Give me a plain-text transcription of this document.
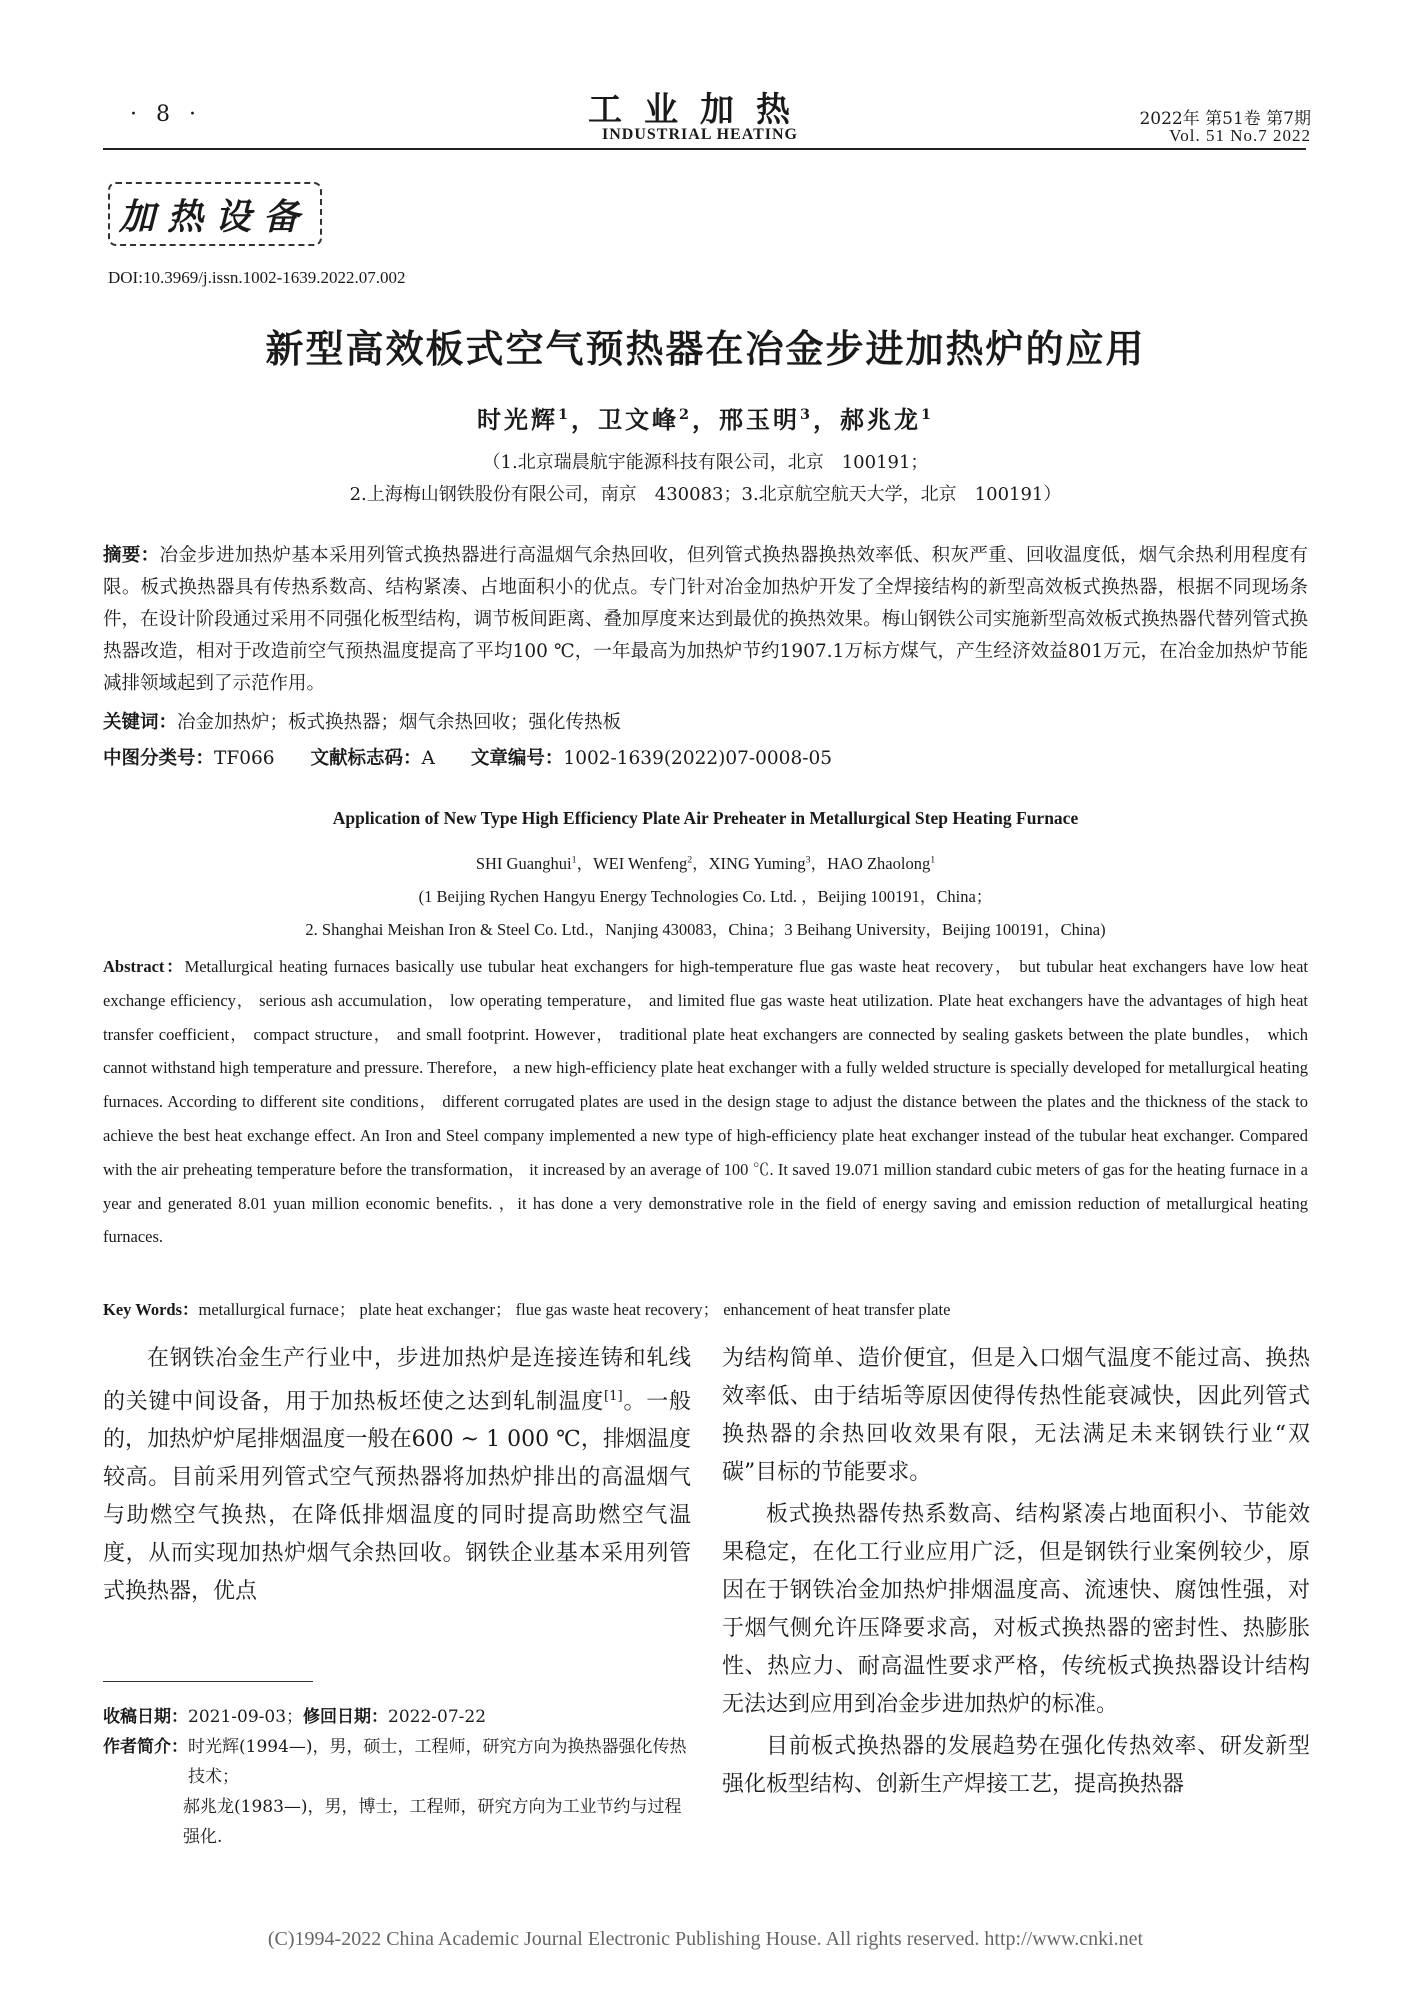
· 8 ·	工业加热
INDUSTRIAL HEATING
2022年 第51卷 第7期
Vol. 51 No.7 2022
加热设备
DOI:10.3969/j.issn.1002-1639.2022.07.002
新型高效板式空气预热器在冶金步进加热炉的应用
时光辉$^1$，卫文峰$^2$，邢玉明$^3$，郝兆龙$^1$
（1.北京瑞晨航宇能源科技有限公司，北京　100191；
2.上海梅山钢铁股份有限公司，南京　430083；3.北京航空航天大学，北京　100191）
摘要：冶金步进加热炉基本采用列管式换热器进行高温烟气余热回收，但列管式换热器换热效率低、积灰严重、回收温度低，烟气余热利用程度有限。板式换热器具有传热系数高、结构紧凑、占地面积小的优点。专门针对冶金加热炉开发了全焊接结构的新型高效板式换热器，根据不同现场条件，在设计阶段通过采用不同强化板型结构，调节板间距离、叠加厚度来达到最优的换热效果。梅山钢铁公司实施新型高效板式换热器代替列管式换热器改造，相对于改造前空气预热温度提高了平均100 ℃，一年最高为加热炉节约1907.1万标方煤气，产生经济效益801万元，在冶金加热炉节能减排领域起到了示范作用。
关键词：冶金加热炉；板式换热器；烟气余热回收；强化传热板
中图分类号：TF066 文献标志码：A 文章编号：1002-1639(2022)07-0008-05
Application of New Type High Efficiency Plate Air Preheater in Metallurgical Step Heating Furnace
SHI Guanghui$^1$，WEI Wenfeng$^2$，XING Yuming$^3$，HAO Zhaolong$^1$
(1 Beijing Rychen Hangyu Energy Technologies Co. Ltd. ，Beijing 100191，China；
2. Shanghai Meishan Iron & Steel Co. Ltd.，Nanjing 430083，China；3 Beihang University，Beijing 100191，China)
Abstract：Metallurgical heating furnaces basically use tubular heat exchangers for high-temperature flue gas waste heat recovery， but tubular heat exchangers have low heat exchange efficiency， serious ash accumulation， low operating temperature， and limited flue gas waste heat utilization. Plate heat exchangers have the advantages of high heat transfer coefficient， compact structure， and small footprint. However， traditional plate heat exchangers are connected by sealing gaskets between the plate bundles， which cannot withstand high temperature and pressure. Therefore， a new high-efficiency plate heat exchanger with a fully welded structure is specially developed for metallurgical heating furnaces. According to different site conditions， different corrugated plates are used in the design stage to adjust the distance between the plates and the thickness of the stack to achieve the best heat exchange effect. An Iron and Steel company implemented a new type of high-efficiency plate heat exchanger instead of the tubular heat exchanger. Compared with the air preheating temperature before the transformation， it increased by an average of 100 ℃. It saved 19.071 million standard cubic meters of gas for the heating furnace in a year and generated 8.01 yuan million economic benefits. ，it has done a very demonstrative role in the field of energy saving and emission reduction of metallurgical heating furnaces.
Key Words：metallurgical furnace； plate heat exchanger； flue gas waste heat recovery； enhancement of heat transfer plate

在钢铁冶金生产行业中，步进加热炉是连接连铸和轧线的关键中间设备，用于加热板坯使之达到轧制温度[1]。一般的，加热炉炉尾排烟温度一般在600 ~ 1 000 ℃，排烟温度较高。目前采用列管式空气预热器将加热炉排出的高温烟气与助燃空气换热，在降低排烟温度的同时提高助燃空气温度，从而实现加热炉烟气余热回收。钢铁企业基本采用列管式换热器，优点

为结构简单、造价便宜，但是入口烟气温度不能过高、换热效率低、由于结垢等原因使得传热性能衰减快，因此列管式换热器的余热回收效果有限，无法满足未来钢铁行业“双碳”目标的节能要求。

板式换热器传热系数高、结构紧凑占地面积小、节能效果稳定，在化工行业应用广泛，但是钢铁行业案例较少，原因在于钢铁冶金加热炉排烟温度高、流速快、腐蚀性强，对于烟气侧允许压降要求高，对板式换热器的密封性、热膨胀性、热应力、耐高温性要求严格，传统板式换热器设计结构无法达到应用到冶金步进加热炉的标准。

目前板式换热器的发展趋势在强化传热效率、研发新型强化板型结构、创新生产焊接工艺，提高换热器

收稿日期： 2021-09-03； 修回日期： 2022-07-22
作者简介： 时光辉(1994—)，男，硕士，工程师，研究方向为换热器强化传热技术；
郝兆龙(1983—)，男，博士，工程师，研究方向为工业节约与过程强化.
(C)1994-2022 China Academic Journal Electronic Publishing House. All rights reserved. http://www.cnki.net
